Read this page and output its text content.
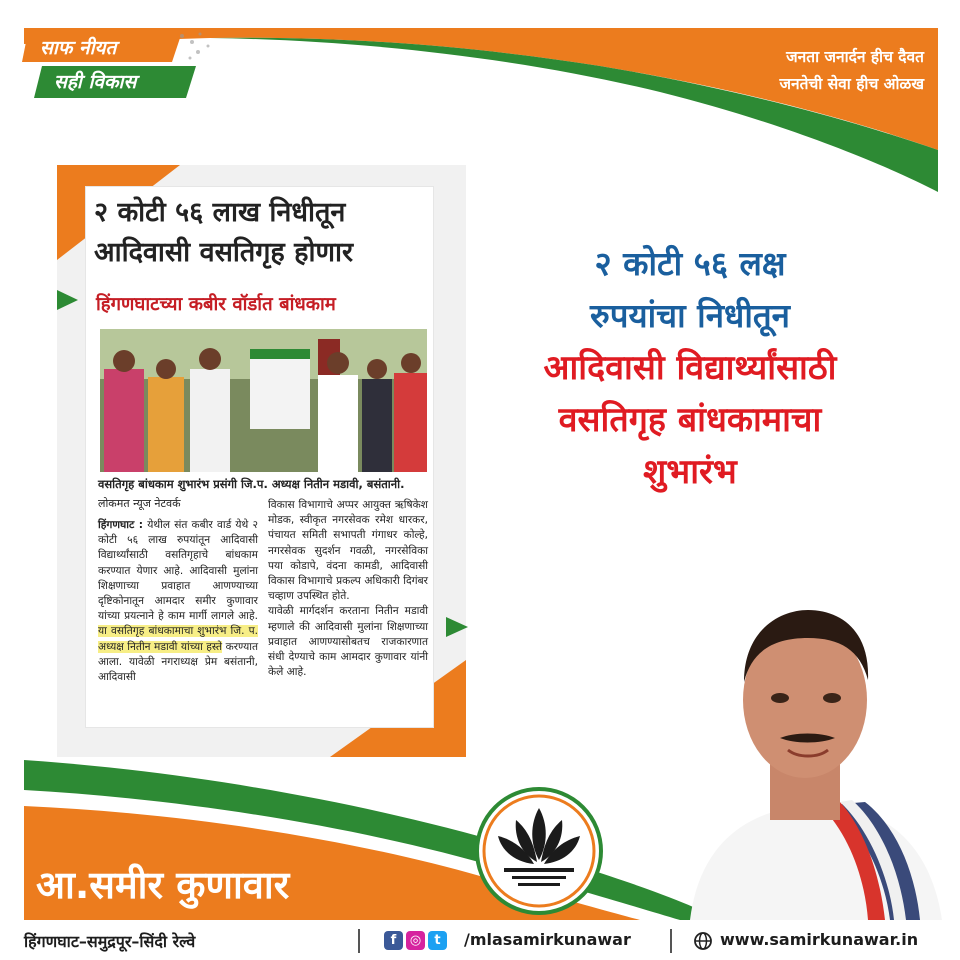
साफ नीयत
सही विकास
जनता जनार्दन हीच दैवत
जनतेची सेवा हीच ओळख
२ कोटी ५६ लाख निधीतून
आदिवासी वसतिगृह होणार
हिंगणघाटच्या कबीर वॉर्डात बांधकाम
वसतिगृह बांधकाम शुभारंभ प्रसंगी जि.प. अध्यक्ष नितीन मडावी, बसंतानी.
लोकमत न्यूज नेटवर्क
हिंगणघाट : येथील संत कबीर वार्ड येथे २ कोटी ५६ लाख रुपयांतून आदिवासी विद्यार्थ्यांसाठी वसतिगृहाचे बांधकाम करण्यात येणार आहे. आदिवासी मुलांना शिक्षणाच्या प्रवाहात आणण्याच्या दृष्टिकोनातून आमदार समीर कुणावार यांच्या प्रयत्नाने हे काम मार्गी लागले आहे. या वसतिगृह बांधकामाचा शुभारंभ जि. प. अध्यक्ष नितीन मडावी यांच्या हस्ते करण्यात आला. यावेळी नगराध्यक्ष प्रेम बसंतानी, आदिवासी
विकास विभागाचे अप्पर आयुक्त ऋषिकेश मोडक, स्वीकृत नगरसेवक रमेश धारकर, पंचायत समिती सभापती गंगाधर कोल्हे, नगरसेवक सुदर्शन गवळी, नगरसेविका पया कोडापे, वंदना कामडी, आदिवासी विकास विभागाचे प्रकल्प अधिकारी दिगंबर चव्हाण उपस्थित होते.
यावेळी मार्गदर्शन करताना नितीन मडावी म्हणाले की आदिवासी मुलांना शिक्षणाच्या प्रवाहात आणण्यासोबतच राजकारणात संधी देण्याचे काम आमदार कुणावार यांनी केले आहे.
२ कोटी ५६ लक्ष
रुपयांचा निधीतून
आदिवासी विद्यार्थ्यांसाठी
वसतिगृह बांधकामाचा
शुभारंभ
आ.समीर कुणावार
हिंगणघाट–समुद्रपूर–सिंदी रेल्वे	f ◎ t	/mlasamirkunawar	www.samirkunawar.in
